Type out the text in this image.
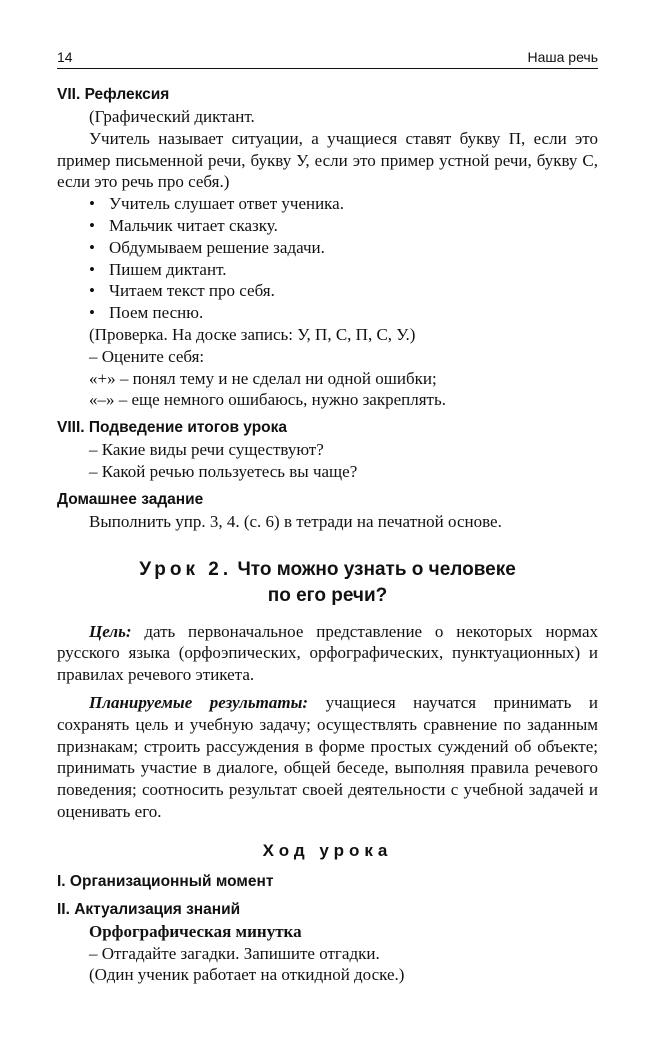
14	Наша речь
VII. Рефлексия

(Графический диктант.

Учитель называет ситуации, а учащиеся ставят букву П, если это пример письменной речи, букву У, если это пример устной речи, букву С, если это речь про себя.)

• Учитель слушает ответ ученика.
• Мальчик читает сказку.
• Обдумываем решение задачи.
• Пишем диктант.
• Читаем текст про себя.
• Поем песню.

(Проверка. На доске запись: У, П, С, П, С, У.)

– Оцените себя:

«+» – понял тему и не сделал ни одной ошибки;

«–» – еще немного ошибаюсь, нужно закреплять.

VIII. Подведение итогов урока

– Какие виды речи существуют?

– Какой речью пользуетесь вы чаще?

Домашнее задание

Выполнить упр. 3, 4. (с. 6) в тетради на печатной основе.

Урок 2. Что можно узнать о человеке
по его речи?

Цель: дать первоначальное представление о некоторых нормах русского языка (орфоэпических, орфографических, пунктуационных) и правилах речевого этикета.

Планируемые результаты: учащиеся научатся принимать и сохранять цель и учебную задачу; осуществлять сравнение по заданным признакам; строить рассуждения в форме простых суждений об объекте; принимать участие в диалоге, общей беседе, выполняя правила речевого поведения; соотносить результат своей деятельности с учебной задачей и оценивать его.

Ход урока

I. Организационный момент
II. Актуализация знаний

Орфографическая минутка

– Отгадайте загадки. Запишите отгадки.

(Один ученик работает на откидной доске.)
